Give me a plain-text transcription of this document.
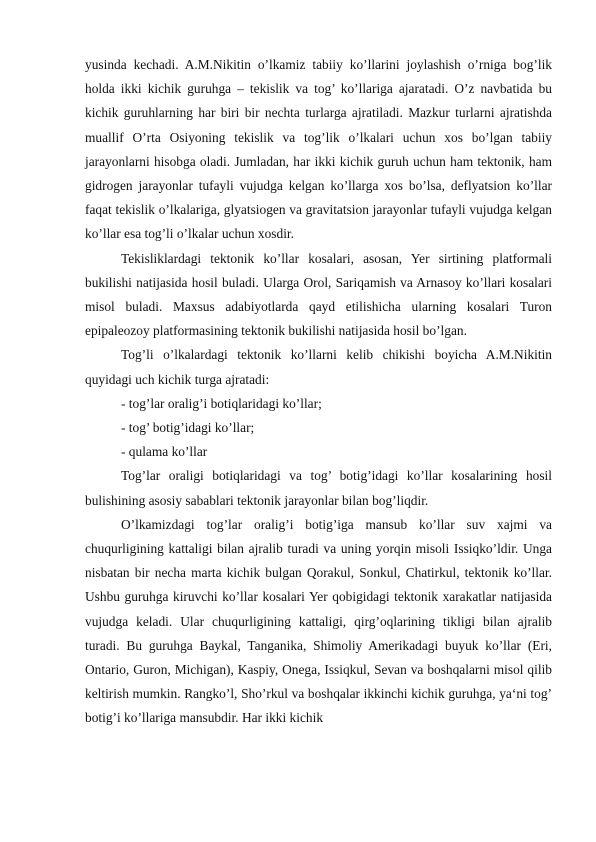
yusinda kechadi. A.M.Nikitin o’lkamiz tabiiy ko’llarini joylashish o’rniga bog’lik holda ikki kichik guruhga – tekislik va tog’ ko’llariga ajaratadi. O’z navbatida bu kichik guruhlarning har biri bir nechta turlarga ajratiladi. Mazkur turlarni ajratishda muallif O’rta Osiyoning tekislik va tog’lik o’lkalari uchun xos bo’lgan tabiiy jarayonlarni hisobga oladi. Jumladan, har ikki kichik guruh uchun ham tektonik, ham gidrogen jarayonlar tufayli vujudga kelgan ko’llarga xos bo’lsa, deflyatsion ko’llar faqat tekislik o’lkalariga, glyatsiogen va gravitatsion jarayonlar tufayli vujudga kelgan ko’llar esa tog’li o’lkalar uchun xosdir.

Tekisliklardagi tektonik ko’llar kosalari, asosan, Yer sirtining platformali bukilishi natijasida hosil buladi. Ularga Orol, Sariqamish va Arnasoy ko’llari kosalari misol buladi. Maxsus adabiyotlarda qayd etilishicha ularning kosalari Turon epipaleozoy platformasining tektonik bukilishi natijasida hosil bo’lgan.

Tog’li o’lkalardagi tektonik ko’llarni kelib chikishi boyicha A.M.Nikitin quyidagi uch kichik turga ajratadi:

- tog’lar oralig’i botiqlaridagi ko’llar;

- tog’ botig’idagi ko’llar;

- qulama ko’llar

Tog’lar oraligi botiqlaridagi va tog’ botig’idagi ko’llar kosalarining hosil bulishining asosiy sabablari tektonik jarayonlar bilan bog’liqdir.

O’lkamizdagi tog’lar oralig’i botig’iga mansub ko’llar suv xajmi va chuqurligining kattaligi bilan ajralib turadi va uning yorqin misoli Issiqko’ldir. Unga nisbatan bir necha marta kichik bulgan Qorakul, Sonkul, Chatirkul, tektonik ko’llar. Ushbu guruhga kiruvchi ko’llar kosalari Yer qobigidagi tektonik xarakatlar natijasida vujudga keladi. Ular chuqurligining kattaligi, qirg’oqlarining tikligi bilan ajralib turadi. Bu guruhga Baykal, Tanganika, Shimoliy Amerikadagi buyuk ko’llar (Eri, Ontario, Guron, Michigan), Kaspiy, Onega, Issiqkul, Sevan va boshqalarni misol qilib keltirish mumkin. Rangko’l, Sho’rkul va boshqalar ikkinchi kichik guruhga, ya‘ni tog’ botig’i ko’llariga mansubdir. Har ikki kichik
